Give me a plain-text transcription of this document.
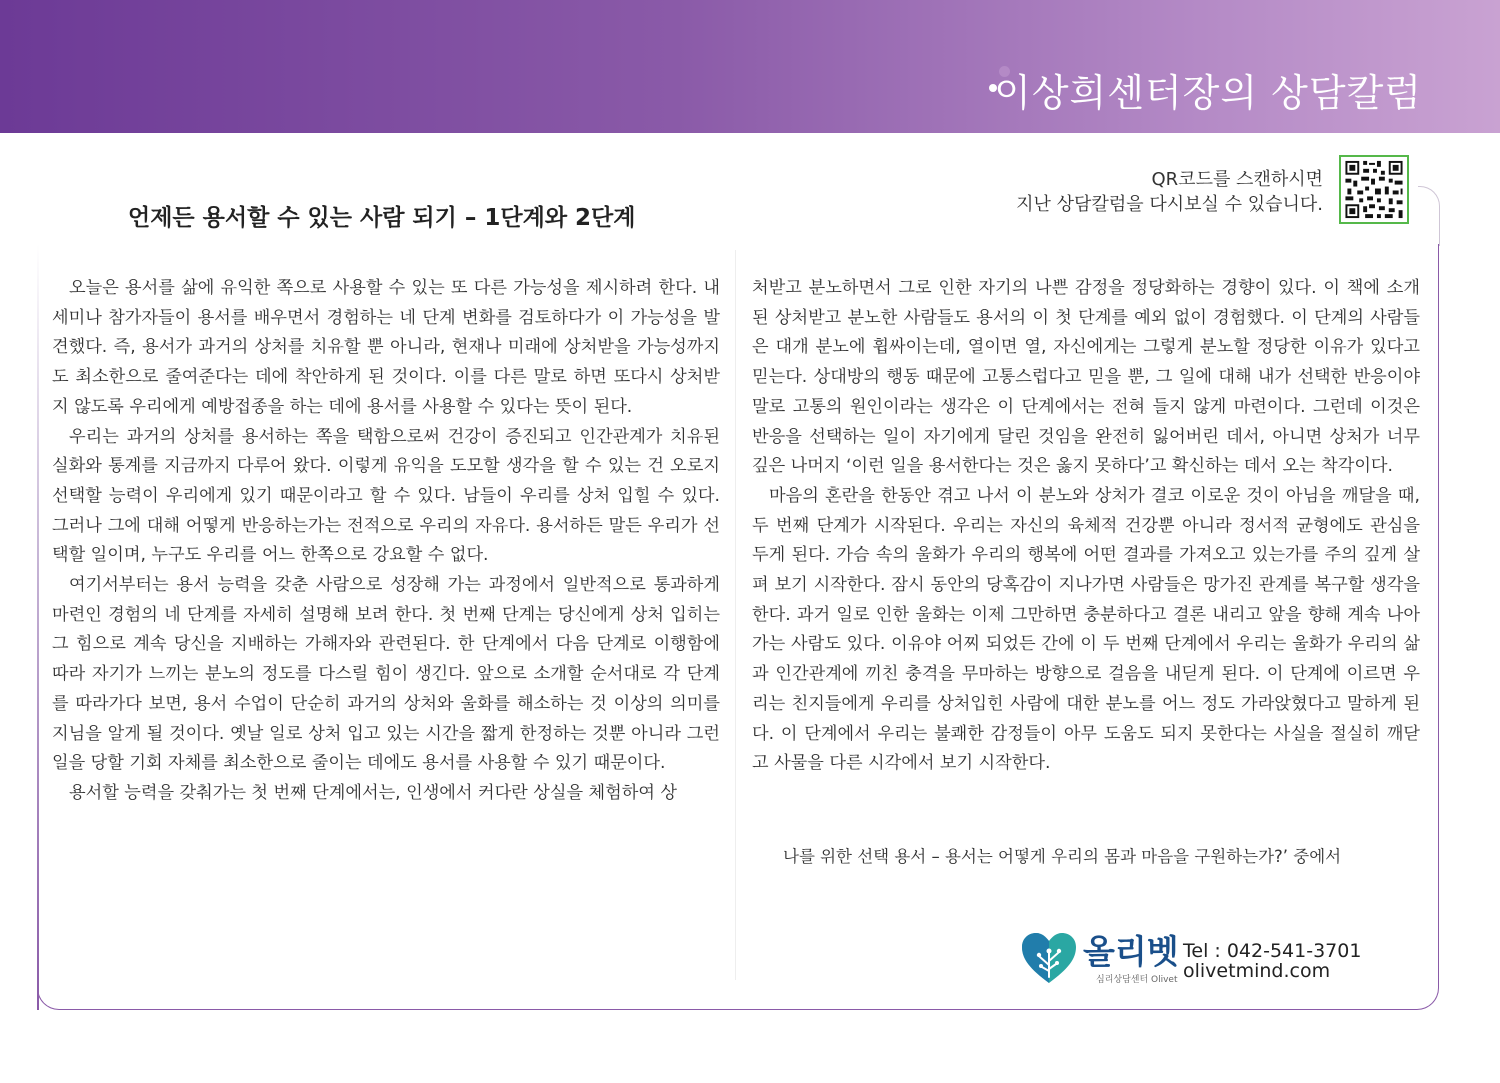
이상희센터장의 상담칼럼
언제든 용서할 수 있는 사람 되기 – 1단계와 2단계
QR코드를 스캔하시면
지난 상담칼럼을 다시보실 수 있습니다.

오늘은 용서를 삶에 유익한 쪽으로 사용할 수 있는 또 다른 가능성을 제시하려 한다. 내 세미나 참가자들이 용서를 배우면서 경험하는 네 단계 변화를 검토하다가 이 가능성을 발견했다. 즉, 용서가 과거의 상처를 치유할 뿐 아니라, 현재나 미래에 상처받을 가능성까지도 최소한으로 줄여준다는 데에 착안하게 된 것이다. 이를 다른 말로 하면 또다시 상처받지 않도록 우리에게 예방접종을 하는 데에 용서를 사용할 수 있다는 뜻이 된다.

우리는 과거의 상처를 용서하는 쪽을 택함으로써 건강이 증진되고 인간관계가 치유된 실화와 통계를 지금까지 다루어 왔다. 이렇게 유익을 도모할 생각을 할 수 있는 건 오로지 선택할 능력이 우리에게 있기 때문이라고 할 수 있다. 남들이 우리를 상처 입힐 수 있다. 그러나 그에 대해 어떻게 반응하는가는 전적으로 우리의 자유다. 용서하든 말든 우리가 선택할 일이며, 누구도 우리를 어느 한쪽으로 강요할 수 없다.

여기서부터는 용서 능력을 갖춘 사람으로 성장해 가는 과정에서 일반적으로 통과하게 마련인 경험의 네 단계를 자세히 설명해 보려 한다. 첫 번째 단계는 당신에게 상처 입히는 그 힘으로 계속 당신을 지배하는 가해자와 관련된다. 한 단계에서 다음 단계로 이행함에 따라 자기가 느끼는 분노의 정도를 다스릴 힘이 생긴다. 앞으로 소개할 순서대로 각 단계를 따라가다 보면, 용서 수업이 단순히 과거의 상처와 울화를 해소하는 것 이상의 의미를 지님을 알게 될 것이다. 옛날 일로 상처 입고 있는 시간을 짧게 한정하는 것뿐 아니라 그런 일을 당할 기회 자체를 최소한으로 줄이는 데에도 용서를 사용할 수 있기 때문이다.

용서할 능력을 갖춰가는 첫 번째 단계에서는, 인생에서 커다란 상실을 체험하여 상

처받고 분노하면서 그로 인한 자기의 나쁜 감정을 정당화하는 경향이 있다. 이 책에 소개된 상처받고 분노한 사람들도 용서의 이 첫 단계를 예외 없이 경험했다. 이 단계의 사람들은 대개 분노에 휩싸이는데, 열이면 열, 자신에게는 그렇게 분노할 정당한 이유가 있다고 믿는다. 상대방의 행동 때문에 고통스럽다고 믿을 뿐, 그 일에 대해 내가 선택한 반응이야말로 고통의 원인이라는 생각은 이 단계에서는 전혀 들지 않게 마련이다. 그런데 이것은 반응을 선택하는 일이 자기에게 달린 것임을 완전히 잃어버린 데서, 아니면 상처가 너무 깊은 나머지 ‘이런 일을 용서한다는 것은 옳지 못하다’고 확신하는 데서 오는 착각이다.

마음의 혼란을 한동안 겪고 나서 이 분노와 상처가 결코 이로운 것이 아님을 깨달을 때, 두 번째 단계가 시작된다. 우리는 자신의 육체적 건강뿐 아니라 정서적 균형에도 관심을 두게 된다. 가슴 속의 울화가 우리의 행복에 어떤 결과를 가져오고 있는가를 주의 깊게 살펴 보기 시작한다. 잠시 동안의 당혹감이 지나가면 사람들은 망가진 관계를 복구할 생각을 한다. 과거 일로 인한 울화는 이제 그만하면 충분하다고 결론 내리고 앞을 향해 계속 나아가는 사람도 있다. 이유야 어찌 되었든 간에 이 두 번째 단계에서 우리는 울화가 우리의 삶과 인간관계에 끼친 충격을 무마하는 방향으로 걸음을 내딛게 된다. 이 단계에 이르면 우리는 친지들에게 우리를 상처입힌 사람에 대한 분노를 어느 정도 가라앉혔다고 말하게 된다. 이 단계에서 우리는 불쾌한 감정들이 아무 도움도 되지 못한다는 사실을 절실히 깨닫고 사물을 다른 시각에서 보기 시작한다.

나를 위한 선택 용서 – 용서는 어떻게 우리의 몸과 마음을 구원하는가?’ 중에서
올리벳
심리상담센터 Olivet
Tel : 042-541-3701
olivetmind.com
